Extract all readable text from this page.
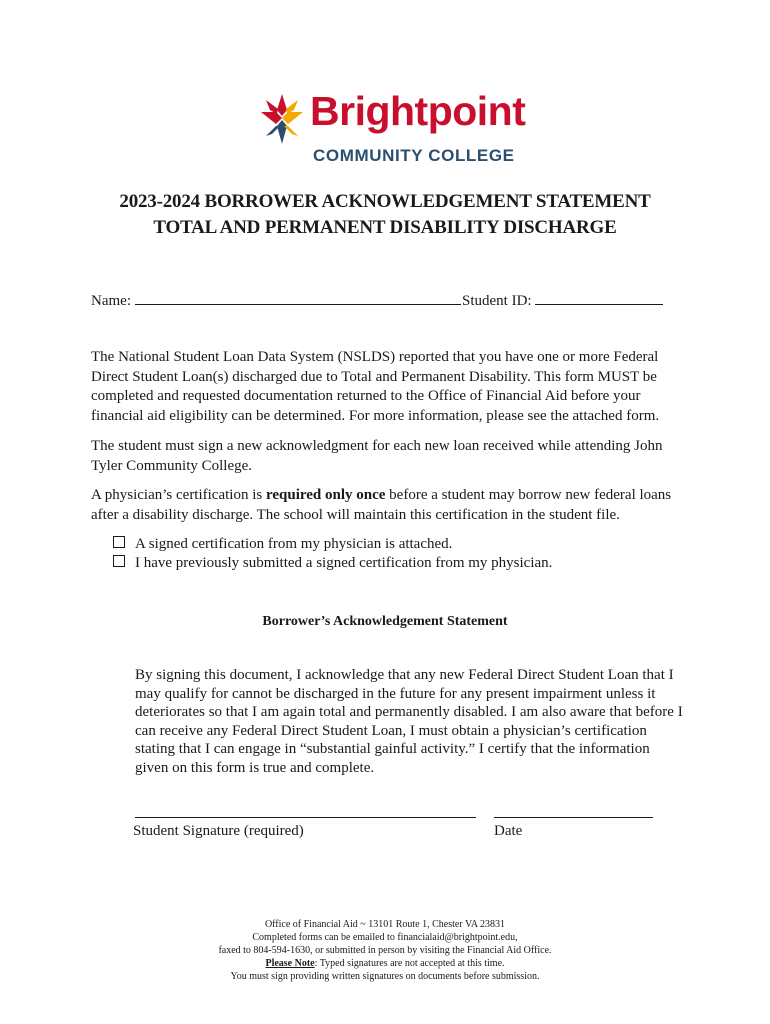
Brightpoint
COMMUNITY COLLEGE
2023-2024 BORROWER ACKNOWLEDGEMENT STATEMENT
TOTAL AND PERMANENT DISABILITY DISCHARGE
Name:	Student ID:
The National Student Loan Data System (NSLDS) reported that you have one or more Federal Direct Student Loan(s) discharged due to Total and Permanent Disability. This form MUST be completed and requested documentation returned to the Office of Financial Aid before your financial aid eligibility can be determined. For more information, please see the attached form.
The student must sign a new acknowledgment for each new loan received while attending John Tyler Community College.
A physician’s certification is required only once before a student may borrow new federal loans after a disability discharge. The school will maintain this certification in the student file.
A signed certification from my physician is attached.
I have previously submitted a signed certification from my physician.
Borrower’s Acknowledgement Statement
By signing this document, I acknowledge that any new Federal Direct Student Loan that I may qualify for cannot be discharged in the future for any present impairment unless it deteriorates so that I am again total and permanently disabled. I am also aware that before I can receive any Federal Direct Student Loan, I must obtain a physician’s certification stating that I can engage in “substantial gainful activity.” I certify that the information given on this form is true and complete.
Student Signature (required)	Date
Office of Financial Aid ~ 13101 Route 1, Chester VA 23831
Completed forms can be emailed to financialaid@brightpoint.edu,
faxed to 804-594-1630, or submitted in person by visiting the Financial Aid Office.
Please Note: Typed signatures are not accepted at this time.
You must sign providing written signatures on documents before submission.
